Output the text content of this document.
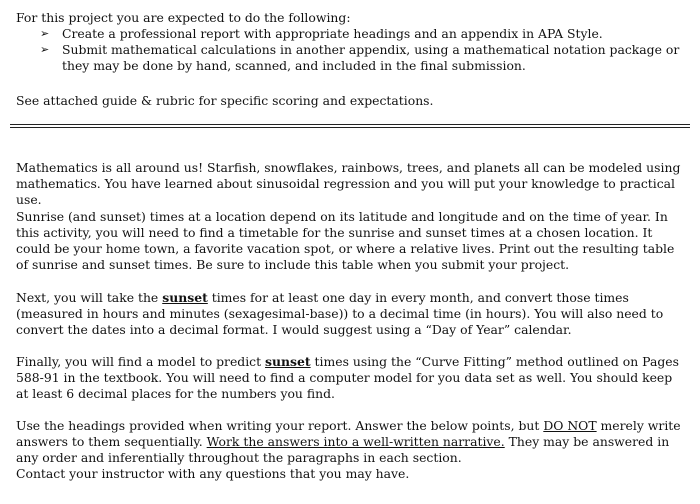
For this project you are expected to do the following:
➢ Create a professional report with appropriate headings and an appendix in APA Style.
➢ Submit mathematical calculations in another appendix, using a mathematical notation package or they may be done by hand, scanned, and included in the final submission.
See attached guide & rubric for specific scoring and expectations.

Mathematics is all around us! Starfish, snowflakes, rainbows, trees, and planets all can be modeled using mathematics. You have learned about sinusoidal regression and you will put your knowledge to practical use.

Sunrise (and sunset) times at a location depend on its latitude and longitude and on the time of year. In this activity, you will need to find a timetable for the sunrise and sunset times at a chosen location. It could be your home town, a favorite vacation spot, or where a relative lives. Print out the resulting table of sunrise and sunset times. Be sure to include this table when you submit your project.

Next, you will take the sunset times for at least one day in every month, and convert those times (measured in hours and minutes (sexagesimal-base)) to a decimal time (in hours). You will also need to convert the dates into a decimal format. I would suggest using a “Day of Year” calendar.

Finally, you will find a model to predict sunset times using the “Curve Fitting” method outlined on Pages 588-91 in the textbook. You will need to find a computer model for you data set as well. You should keep at least 6 decimal places for the numbers you find.

Use the headings provided when writing your report. Answer the below points, but DO NOT merely write answers to them sequentially. Work the answers into a well-written narrative. They may be answered in any order and inferentially throughout the paragraphs in each section.
Contact your instructor with any questions that you may have.
